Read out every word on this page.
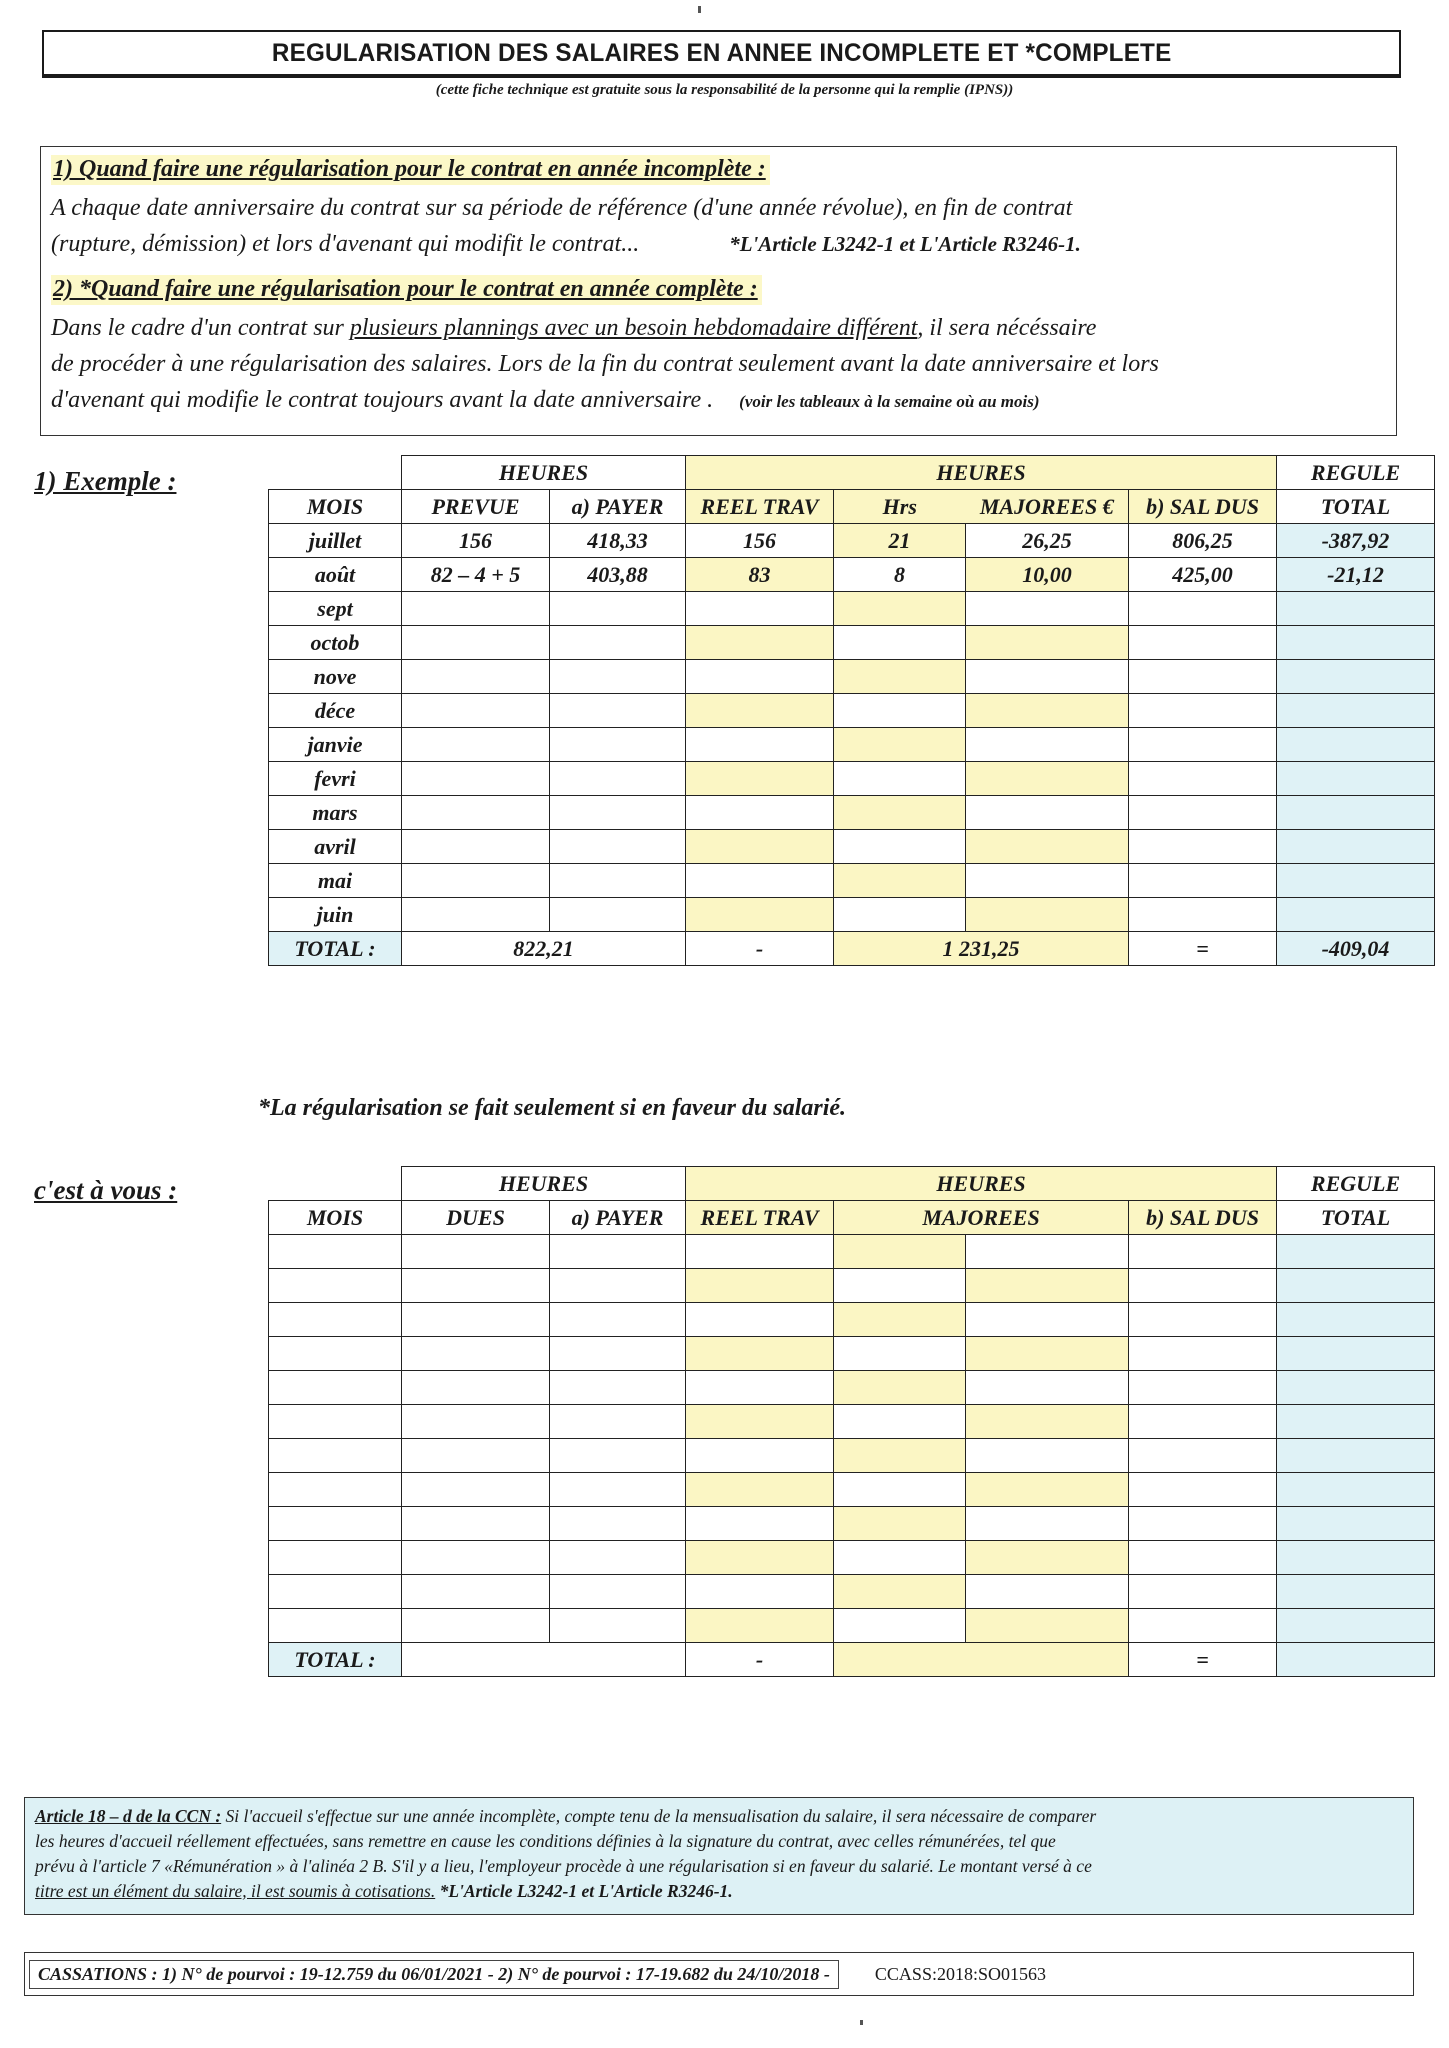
REGULARISATION DES SALAIRES EN ANNEE INCOMPLETE ET *COMPLETE
(cette fiche technique est gratuite sous la responsabilité de la personne qui la remplie (IPNS))
1) Quand faire une régularisation pour le contrat en année incomplète :
A chaque date anniversaire du contrat sur sa période de référence (d'une année révolue), en fin de contrat
(rupture, démission) et lors d'avenant qui modifit le contrat...	*L'Article L3242-1 et L'Article R3246-1.
2) *Quand faire une régularisation pour le contrat en année complète :
Dans le cadre d'un contrat sur plusieurs plannings avec un besoin hebdomadaire différent, il sera nécéssaire
de procéder à une régularisation des salaires. Lors de la fin du contrat seulement avant la date anniversaire et lors
d'avenant qui modifie le contrat toujours avant la date anniversaire . (voir les tableaux à la semaine où au mois)
1) Exemple :
		HEURES		HEURES				REGULE
MOIS	PREVUE	a) PAYER	REEL TRAV	Hrs	MAJOREES €	b) SAL DUS	TOTAL
juillet	156	418,33	156	21	26,25	806,25	-387,92
août	82 – 4 + 5	403,88	83	8	10,00	425,00	-21,12
sept							
octob							
nove							
déce							
janvie							
fevri							
mars							
avril							
mai							
juin							
TOTAL :	822,21		-	1 231,25		=	-409,04
*La régularisation se fait seulement si en faveur du salarié.
c'est à vous :
		HEURES		HEURES				REGULE
MOIS	DUES	a) PAYER	REEL TRAV	MAJOREES		b) SAL DUS	TOTAL

TOTAL :			-			=	
Article 18 – d de la CCN : Si l'accueil s'effectue sur une année incomplète, compte tenu de la mensualisation du salaire, il sera nécessaire de comparer
les heures d'accueil réellement effectuées, sans remettre en cause les conditions définies à la signature du contrat, avec celles rémunérées, tel que
prévu à l'article 7 «Rémunération » à l'alinéa 2 B. S'il y a lieu, l'employeur procède à une régularisation si en faveur du salarié. Le montant versé à ce
titre est un élément du salaire, il est soumis à cotisations. *L'Article L3242-1 et L'Article R3246-1.
CASSATIONS : 1) N° de pourvoi : 19-12.759 du 06/01/2021 - 2) N° de pourvoi : 17-19.682 du 24/10/2018 -	CCASS:2018:SO01563
